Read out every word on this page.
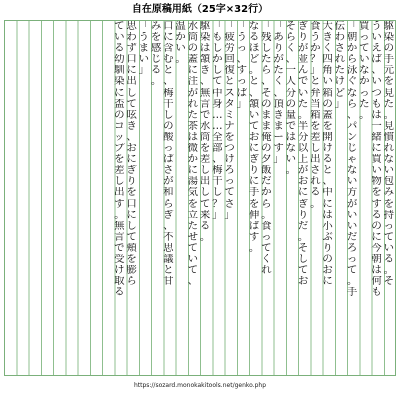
自在原稿用紙（25字×32行）
駆
染
の
手
元
を
見
た
。
見
慣
れ
な
い
包
み
を
持
っ
て
い
る
。
そ
う
い
え
ば
、
い
つ
も
は
一
緒
に
買
い
物
を
す
る
の
に
今
朝
は
何
も
買
っ
て
い
な
か
っ
た
。
「
朝
か
ら
泳
ぐ
な
ら
、
パ
ン
じ
ゃ
な
い
方
が
い
い
だ
ろ
っ
て
。
手
伝
わ
さ
れ
た
け
ど
」
大
き
く
四
角
い
箱
の
蓋
を
開
け
る
と
、
中
に
は
小
ぶ
り
の
お
に
食
う
か
？
」
と
弁
当
箱
を
差
し
出
さ
れ
る
。
ぎ
り
が
並
ん
で
い
た
。
半
分
以
上
が
お
に
ぎ
り
だ
。
そ
し
て
お
そ
ら
く
、
一
人
分
の
量
で
は
な
い
。
「
あ
り
が
た
く
、
頂
き
ま
ー
す
」
「
残
し
た
ら
、
そ
の
ま
ま
俺
の
夕
飯
だ
か
ら
。
食
っ
て
く
れ
な
る
ほ
ど
。
と
、
頷
い
て
お
に
ぎ
り
に
手
を
伸
ば
す
。
「
う
っ
、
す
っ
ぱ
」
「
疲
労
回
復
と
ス
タ
ミ
ナ
を
つ
け
ろ
っ
て
さ
」
「
も
し
か
し
て
中
身
…
…
全
部
、
梅
干
し
？
」
駆
染
は
頷
き
、
無
言
で
水
筒
を
差
し
出
し
て
来
る
。
水
筒
の
蓋
に
注
が
れ
た
茶
は
微
か
に
湯
気
を
立
た
せ
て
い
て
、
温
か
い
。
口
に
含
む
と
、
梅
干
し
の
酸
っ
ぱ
さ
が
和
ら
ぎ
、
不
思
議
と
甘
み
を
感
じ
る
。
「
う
ま
い
」
思
わ
ず
口
に
出
し
て
呟
き
、
お
に
ぎ
り
を
口
に
し
て
頬
を
膨
ら
て
い
る
幼
馴
染
に
盃
の
コ
ッ
プ
を
差
し
出
す
。
無
言
で
受
け
取
る
https://sozard.monokakitools.net/genko.php
